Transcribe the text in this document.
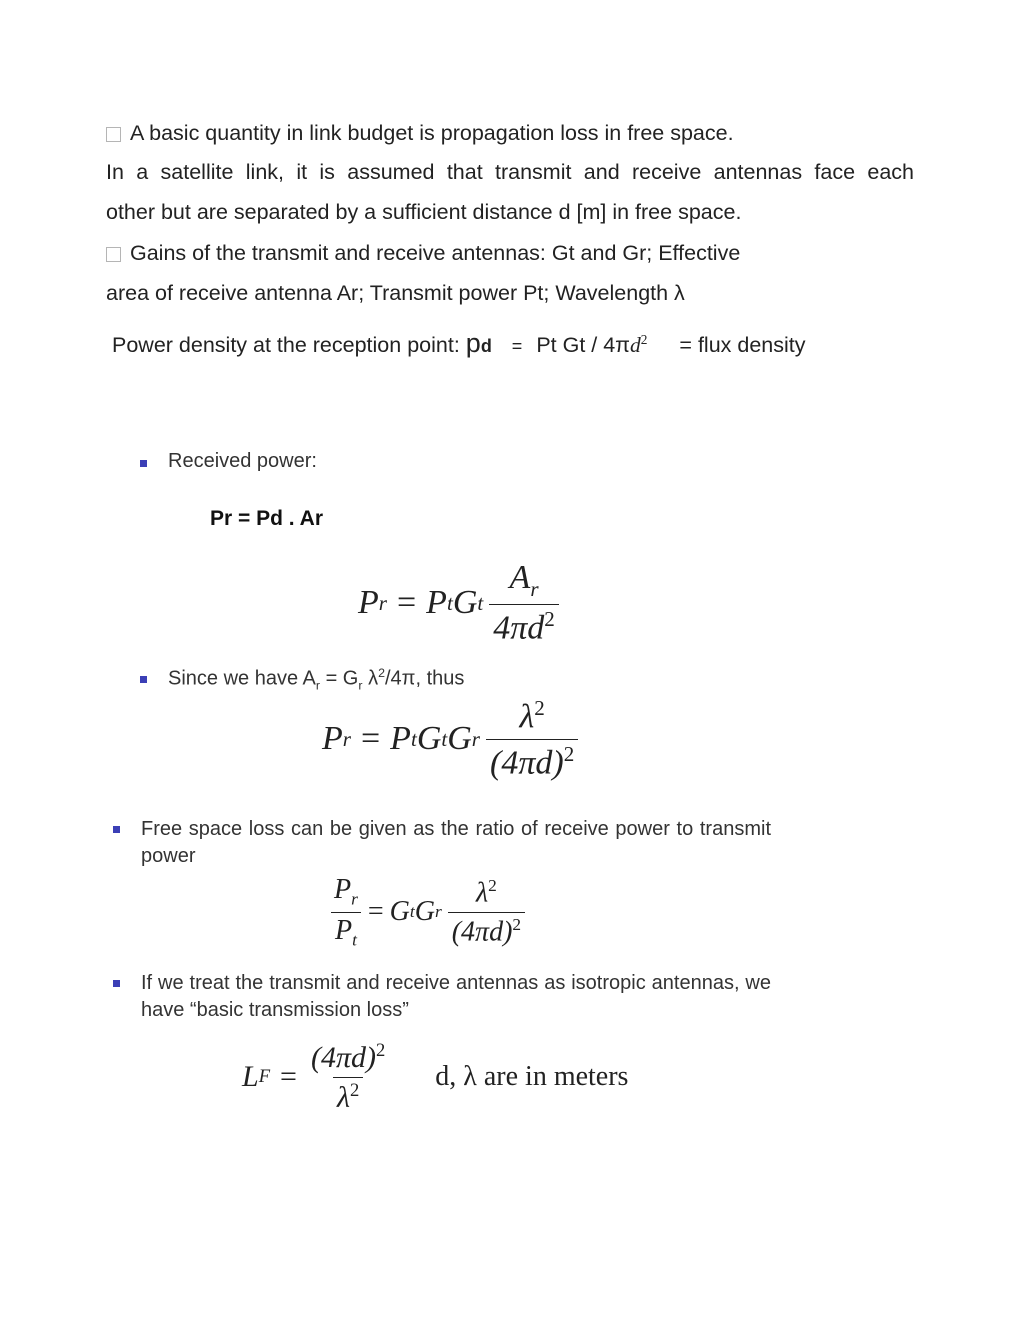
A basic quantity in link budget is propagation loss in free space.
In a satellite link, it is assumed that transmit and receive antennas face each
other but are separated by a sufficient distance d [m] in free space.
Gains of the transmit and receive antennas: Gt and Gr; Effective
area of receive antenna Ar; Transmit power Pt; Wavelength λ
Power density at the reception point: pd = Pt Gt / $4\pi d^2$ = flux density
Received power:
Pr = Pd . Ar
P r = P t G t $\frac{A_r}{4\pi d^2}$
Since we have $A_r = G_r$ $\lambda^2/4\pi$, thus
P r = P t G t G r $\frac{\lambda^2}{(4\pi d)^2}$
Free space loss can be given as the ratio of receive power to transmit power
$\frac{P_r}{P_t} = G$ t G r $\frac{\lambda^2}{(4\pi d)^2}$
If we treat the transmit and receive antennas as isotropic antennas, we have “basic transmission loss”
L $F = \frac{(4\pi d)^2}{\lambda^2} d$, λ are in meters
